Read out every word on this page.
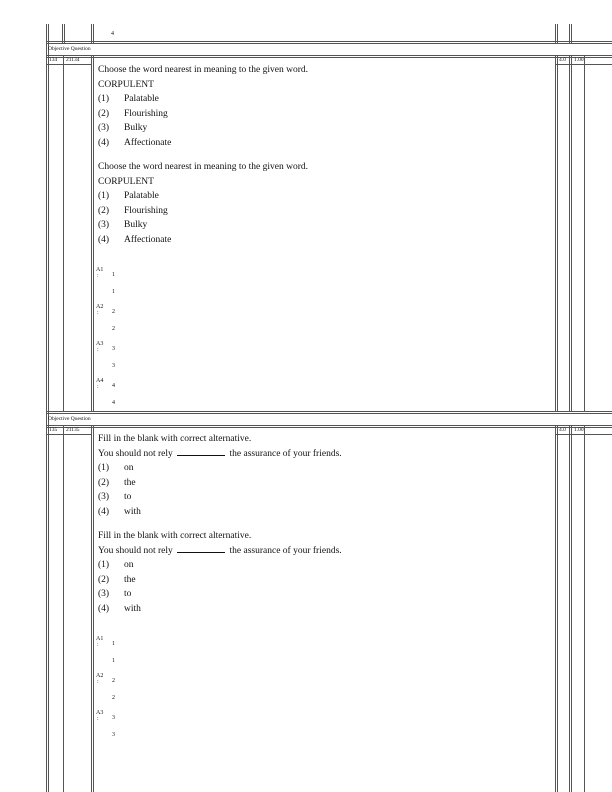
4
Objective Question
134 21134	4.0 1.00
Choose the word nearest in meaning to the given word.
CORPULENT
(1) Palatable
(2) Flourishing
(3) Bulky
(4) Affectionate
Choose the word nearest in meaning to the given word.
CORPULENT
(1) Palatable
(2) Flourishing
(3) Bulky
(4) Affectionate
A1
: 1
1
A2
: 2
2
A3
: 3
3
A4
: 4
4
Objective Question
135 21135	4.0 1.00
Fill in the blank with correct alternative.
You should not rely	the assurance of your friends.
(1) on
(2) the
(3) to
(4) with
Fill in the blank with correct alternative.
You should not rely	the assurance of your friends.
(1) on
(2) the
(3) to
(4) with
A1
: 1
1
A2
: 2
2
A3
: 3
3
